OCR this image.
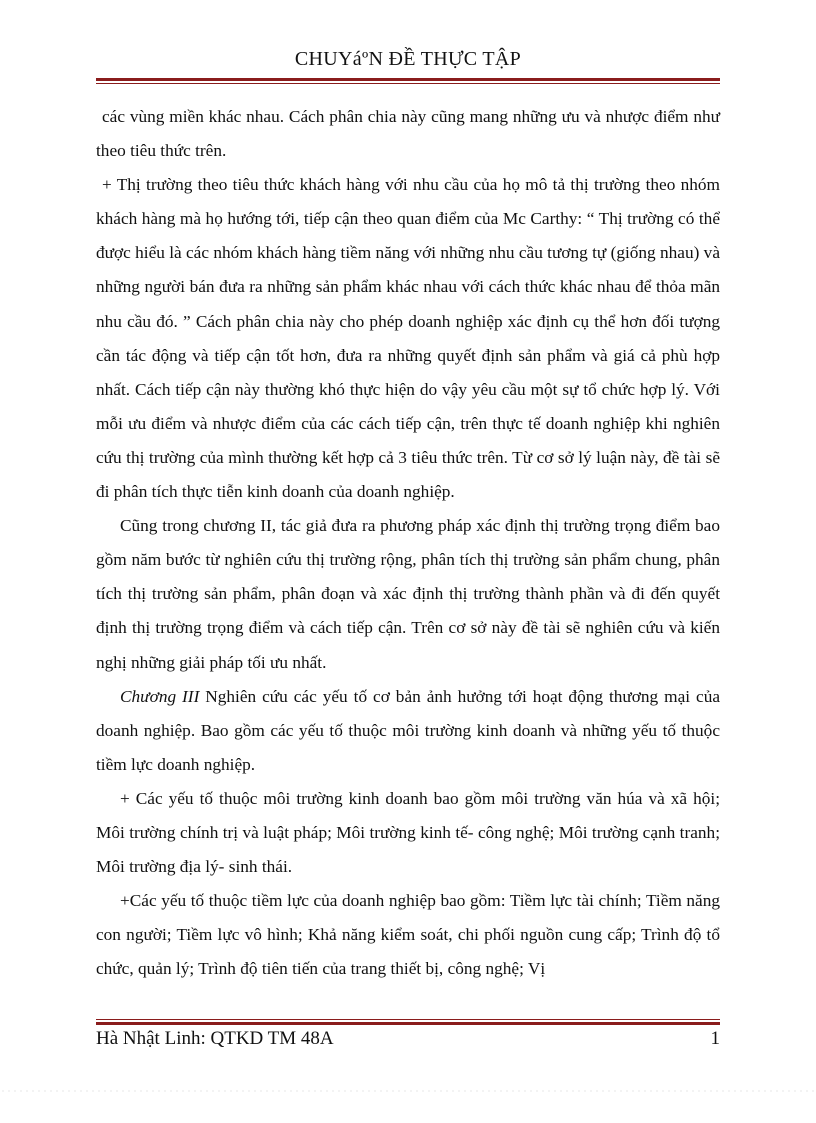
CHUYáºN ĐỀ THỰC TẬP

các vùng miền khác nhau. Cách phân chia này cũng mang những ưu và nhược điểm như theo tiêu thức trên.

+ Thị trường theo tiêu thức khách hàng với nhu cầu của họ mô tả thị trường theo nhóm khách hàng mà họ hướng tới, tiếp cận theo quan điểm của Mc Carthy: “ Thị trường có thể được hiểu là các nhóm khách hàng tiềm năng với những nhu cầu tương tự (giống nhau) và những người bán đưa ra những sản phẩm khác nhau với cách thức khác nhau để thỏa mãn nhu cầu đó. ” Cách phân chia này cho phép doanh nghiệp xác định cụ thể hơn đối tượng cần tác động và tiếp cận tốt hơn, đưa ra những quyết định sản phẩm và giá cả phù hợp nhất. Cách tiếp cận này thường khó thực hiện do vậy yêu cầu một sự tổ chức hợp lý. Với mỗi ưu điểm và nhược điểm của các cách tiếp cận, trên thực tế doanh nghiệp khi nghiên cứu thị trường của mình thường kết hợp cả 3 tiêu thức trên. Từ cơ sở lý luận này, đề tài sẽ đi phân tích thực tiễn kinh doanh của doanh nghiệp.

Cũng trong chương II, tác giả đưa ra phương pháp xác định thị trường trọng điểm bao gồm năm bước từ nghiên cứu thị trường rộng, phân tích thị trường sản phẩm chung, phân tích thị trường sản phẩm, phân đoạn và xác định thị trường thành phần và đi đến quyết định thị trường trọng điểm và cách tiếp cận. Trên cơ sở này đề tài sẽ nghiên cứu và kiến nghị những giải pháp tối ưu nhất.

Chương III Nghiên cứu các yếu tố cơ bản ảnh hưởng tới hoạt động thương mại của doanh nghiệp. Bao gồm các yếu tố thuộc môi trường kinh doanh và những yếu tố thuộc tiềm lực doanh nghiệp.

+ Các yếu tố thuộc môi trường kinh doanh bao gồm môi trường văn húa và xã hội; Môi trường chính trị và luật pháp; Môi trường kinh tế- công nghệ; Môi trường cạnh tranh; Môi trường địa lý- sinh thái.

+Các yếu tố thuộc tiềm lực của doanh nghiệp bao gồm: Tiềm lực tài chính; Tiềm năng con người; Tiềm lực vô hình; Khả năng kiểm soát, chi phối nguồn cung cấp; Trình độ tổ chức, quản lý; Trình độ tiên tiến của trang thiết bị, công nghệ; Vị

Hà Nhật Linh: QTKD TM 48A	1
